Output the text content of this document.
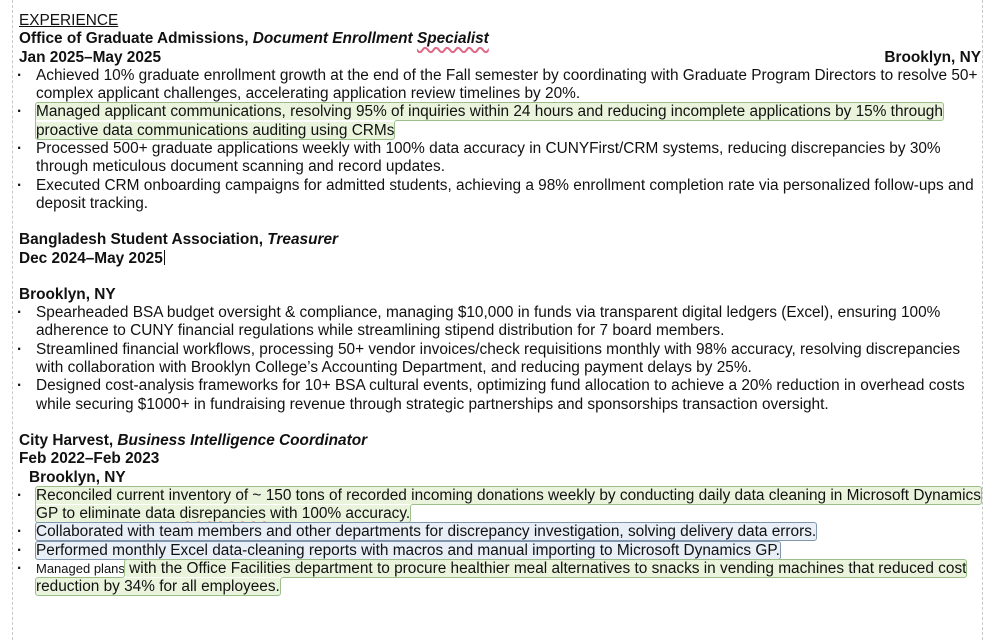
EXPERIENCE
Office of Graduate Admissions, Document Enrollment Specialist
Jan 2025–May 2025	Brooklyn, NY
· Achieved 10% graduate enrollment growth at the end of the Fall semester by coordinating with Graduate Program Directors to resolve 50+ complex applicant challenges, accelerating application review timelines by 20%.
· Managed applicant communications, resolving 95% of inquiries within 24 hours and reducing incomplete applications by 15% through proactive data communications auditing using CRMs
· Processed 500+ graduate applications weekly with 100% data accuracy in CUNYFirst/CRM systems, reducing discrepancies by 30% through meticulous document scanning and record updates.
· Executed CRM onboarding campaigns for admitted students, achieving a 98% enrollment completion rate via personalized follow-ups and deposit tracking.
Bangladesh Student Association, Treasurer
Dec 2024–May 2025
Brooklyn, NY
· Spearheaded BSA budget oversight & compliance, managing $10,000 in funds via transparent digital ledgers (Excel), ensuring 100% adherence to CUNY financial regulations while streamlining stipend distribution for 7 board members.
· Streamlined financial workflows, processing 50+ vendor invoices/check requisitions monthly with 98% accuracy, resolving discrepancies with collaboration with Brooklyn College’s Accounting Department, and reducing payment delays by 25%.
· Designed cost-analysis frameworks for 10+ BSA cultural events, optimizing fund allocation to achieve a 20% reduction in overhead costs while securing $1000+ in fundraising revenue through strategic partnerships and sponsorships transaction oversight.
City Harvest, Business Intelligence Coordinator
Feb 2022–Feb 2023
Brooklyn, NY
· Reconciled current inventory of ~ 150 tons of recorded incoming donations weekly by conducting daily data cleaning in Microsoft Dynamics GP to eliminate data disrepancies with 100% accuracy.
· Collaborated with team members and other departments for discrepancy investigation, solving delivery data errors.
· Performed monthly Excel data-cleaning reports with macros and manual importing to Microsoft Dynamics GP.
· Managed plans with the Office Facilities department to procure healthier meal alternatives to snacks in vending machines that reduced cost reduction by 34% for all employees.
